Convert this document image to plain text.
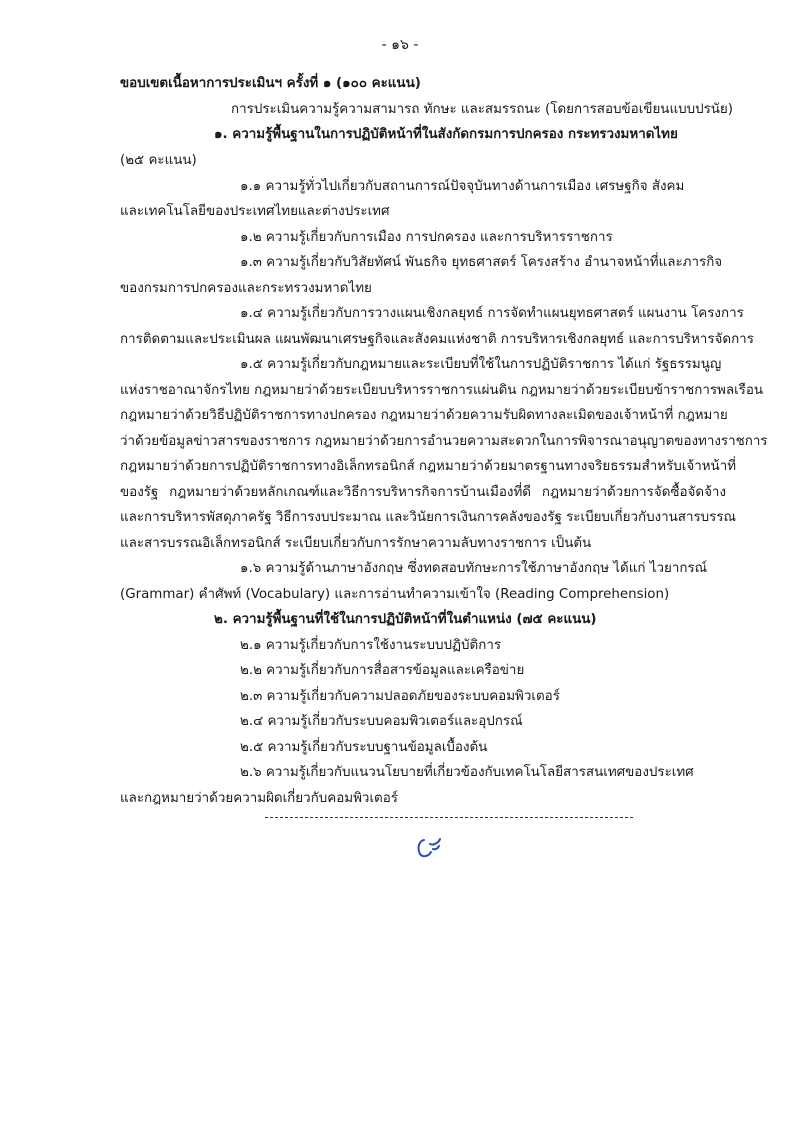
- ๑๖ -
ขอบเขตเนื้อหาการประเมินฯ ครั้งที่ ๑ (๑๐๐ คะแนน)
การประเมินความรู้ความสามารถ ทักษะ และสมรรถนะ (โดยการสอบข้อเขียนแบบปรนัย)
๑. ความรู้พื้นฐานในการปฏิบัติหน้าที่ในสังกัดกรมการปกครอง กระทรวงมหาดไทย
(๒๕ คะแนน)
๑.๑ ความรู้ทั่วไปเกี่ยวกับสถานการณ์ปัจจุบันทางด้านการเมือง เศรษฐกิจ สังคม
และเทคโนโลยีของประเทศไทยและต่างประเทศ
๑.๒ ความรู้เกี่ยวกับการเมือง การปกครอง และการบริหารราชการ
๑.๓ ความรู้เกี่ยวกับวิสัยทัศน์ พันธกิจ ยุทธศาสตร์ โครงสร้าง อำนาจหน้าที่และภารกิจ
ของกรมการปกครองและกระทรวงมหาดไทย
๑.๔ ความรู้เกี่ยวกับการวางแผนเชิงกลยุทธ์ การจัดทำแผนยุทธศาสตร์ แผนงาน โครงการ
การติดตามและประเมินผล แผนพัฒนาเศรษฐกิจและสังคมแห่งชาติ การบริหารเชิงกลยุทธ์ และการบริหารจัดการ
๑.๕ ความรู้เกี่ยวกับกฎหมายและระเบียบที่ใช้ในการปฏิบัติราชการ ได้แก่ รัฐธรรมนูญ
แห่งราชอาณาจักรไทย กฎหมายว่าด้วยระเบียบบริหารราชการแผ่นดิน กฎหมายว่าด้วยระเบียบข้าราชการพลเรือน
กฎหมายว่าด้วยวิธีปฏิบัติราชการทางปกครอง กฎหมายว่าด้วยความรับผิดทางละเมิดของเจ้าหน้าที่ กฎหมาย
ว่าด้วยข้อมูลข่าวสารของราชการ กฎหมายว่าด้วยการอำนวยความสะดวกในการพิจารณาอนุญาตของทางราชการ
กฎหมายว่าด้วยการปฏิบัติราชการทางอิเล็กทรอนิกส์ กฎหมายว่าด้วยมาตรฐานทางจริยธรรมสำหรับเจ้าหน้าที่
ของรัฐ กฎหมายว่าด้วยหลักเกณฑ์และวิธีการบริหารกิจการบ้านเมืองที่ดี กฎหมายว่าด้วยการจัดซื้อจัดจ้าง
และการบริหารพัสดุภาครัฐ วิธีการงบประมาณ และวินัยการเงินการคลังของรัฐ ระเบียบเกี่ยวกับงานสารบรรณ
และสารบรรณอิเล็กทรอนิกส์ ระเบียบเกี่ยวกับการรักษาความลับทางราชการ เป็นต้น
๑.๖ ความรู้ด้านภาษาอังกฤษ ซึ่งทดสอบทักษะการใช้ภาษาอังกฤษ ได้แก่ ไวยากรณ์
(Grammar) คำศัพท์ (Vocabulary) และการอ่านทำความเข้าใจ (Reading Comprehension)
๒. ความรู้พื้นฐานที่ใช้ในการปฏิบัติหน้าที่ในตำแหน่ง (๗๕ คะแนน)
๒.๑ ความรู้เกี่ยวกับการใช้งานระบบปฏิบัติการ
๒.๒ ความรู้เกี่ยวกับการสื่อสารข้อมูลและเครือข่าย
๒.๓ ความรู้เกี่ยวกับความปลอดภัยของระบบคอมพิวเตอร์
๒.๔ ความรู้เกี่ยวกับระบบคอมพิวเตอร์และอุปกรณ์
๒.๕ ความรู้เกี่ยวกับระบบฐานข้อมูลเบื้องต้น
๒.๖ ความรู้เกี่ยวกับแนวนโยบายที่เกี่ยวข้องกับเทคโนโลยีสารสนเทศของประเทศ
และกฎหมายว่าด้วยความผิดเกี่ยวกับคอมพิวเตอร์
